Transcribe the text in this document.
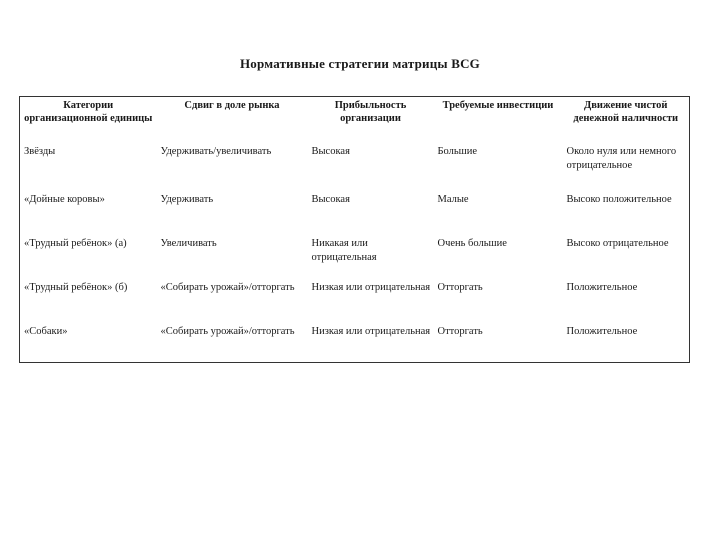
Нормативные стратегии матрицы BCG
Категории организационной единицы	Сдвиг в доле рынка	Прибыльность организации	Требуемые инвестиции	Движение чистой денежной наличности
Звёзды	Удерживать/увеличивать	Высокая	Большие	Около нуля или немного отрицательное
«Дойные коровы»	Удерживать	Высокая	Малые	Высоко положительное
«Трудный ребёнок» (а)	Увеличивать	Никакая или отрицательная	Очень большие	Высоко отрицательное
«Трудный ребёнок» (б)	«Собирать урожай»/отторгать	Низкая или отрицательная	Отторгать	Положительное
«Собаки»	«Собирать урожай»/отторгать	Низкая или отрицательная	Отторгать	Положительное
